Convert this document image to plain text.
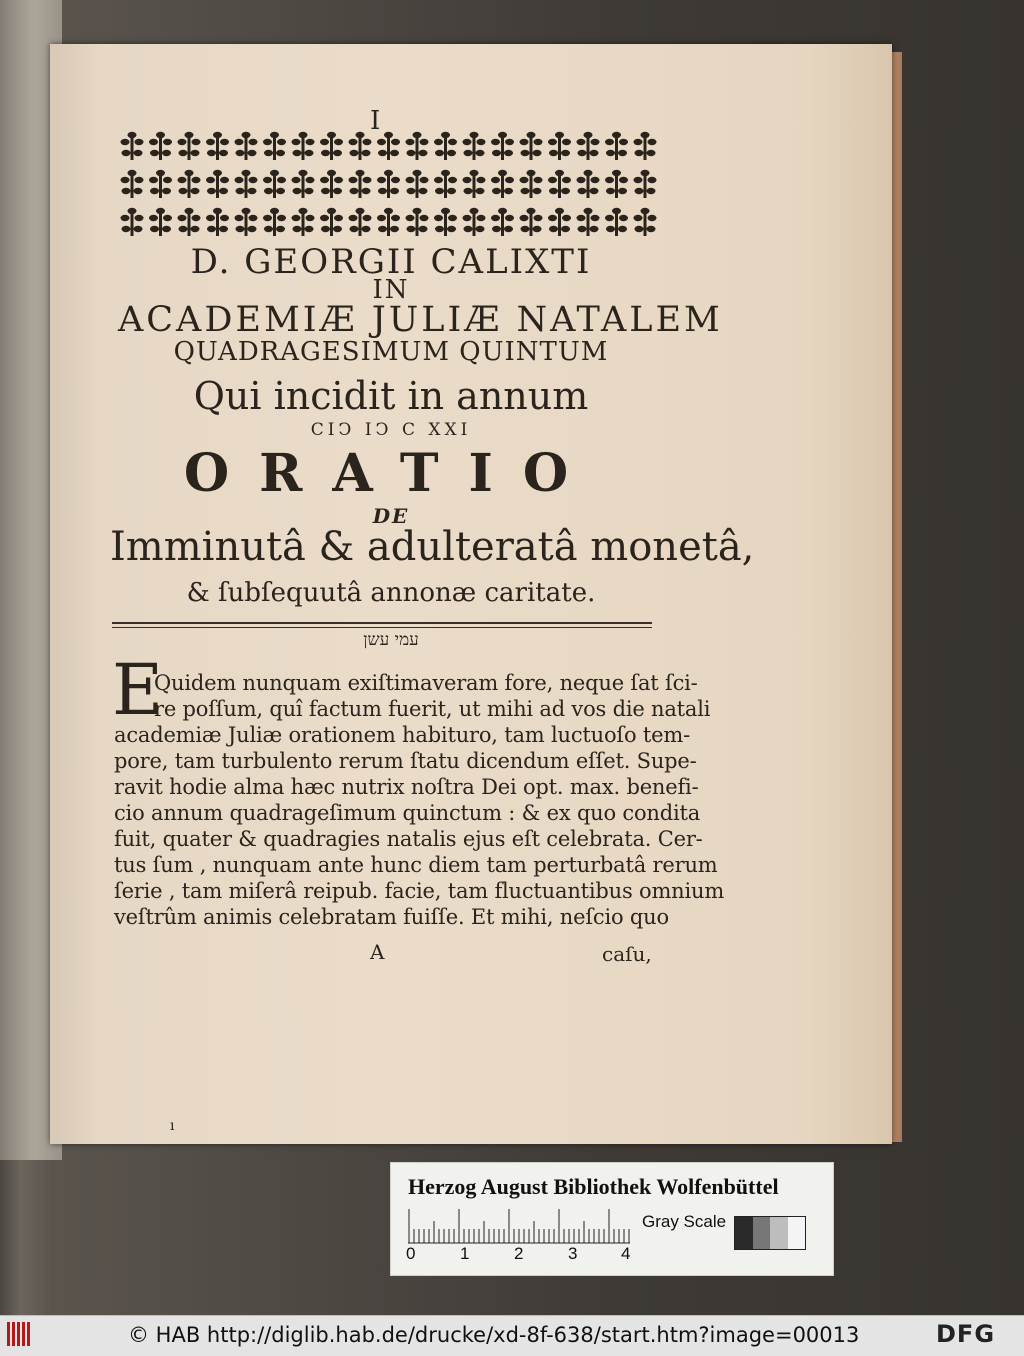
I
D. GEORGII CALIXTI
IN
ACADEMIÆ JULIÆ NATALEM
QUADRAGESIMUM QUINTUM
Qui incidit in annum
CIↃ IↃ C XXI
ORATIO
DE
Imminutâ & adulteratâ monetâ,
& ſubſequutâ annonæ caritate.
עמי עשן
E
Quidem nunquam exiſtimaveram fore, neque ſat ſci-
re poſſum, quî factum fuerit, ut mihi ad vos die natali
academiæ Juliæ orationem habituro, tam luctuoſo tem-
pore, tam turbulento rerum ſtatu dicendum eſſet. Supe-
ravit hodie alma hæc nutrix noſtra Dei opt. max. benefi-
cio annum quadrageſimum quinctum : & ex quo condita
fuit, quater & quadragies natalis ejus eſt celebrata. Cer-
tus ſum , nunquam ante hunc diem tam perturbatâ rerum
ſerie , tam miſerâ reipub. facie, tam fluctuantibus omnium
veſtrûm animis celebratam fuiſſe. Et mihi, neſcio quo
A	caſu,
ı
Herzog August Bibliothek Wolfenbüttel
0	1	2	3	4
Gray Scale
© HAB http://diglib.hab.de/drucke/xd-8f-638/start.htm?image=00013	DFG
